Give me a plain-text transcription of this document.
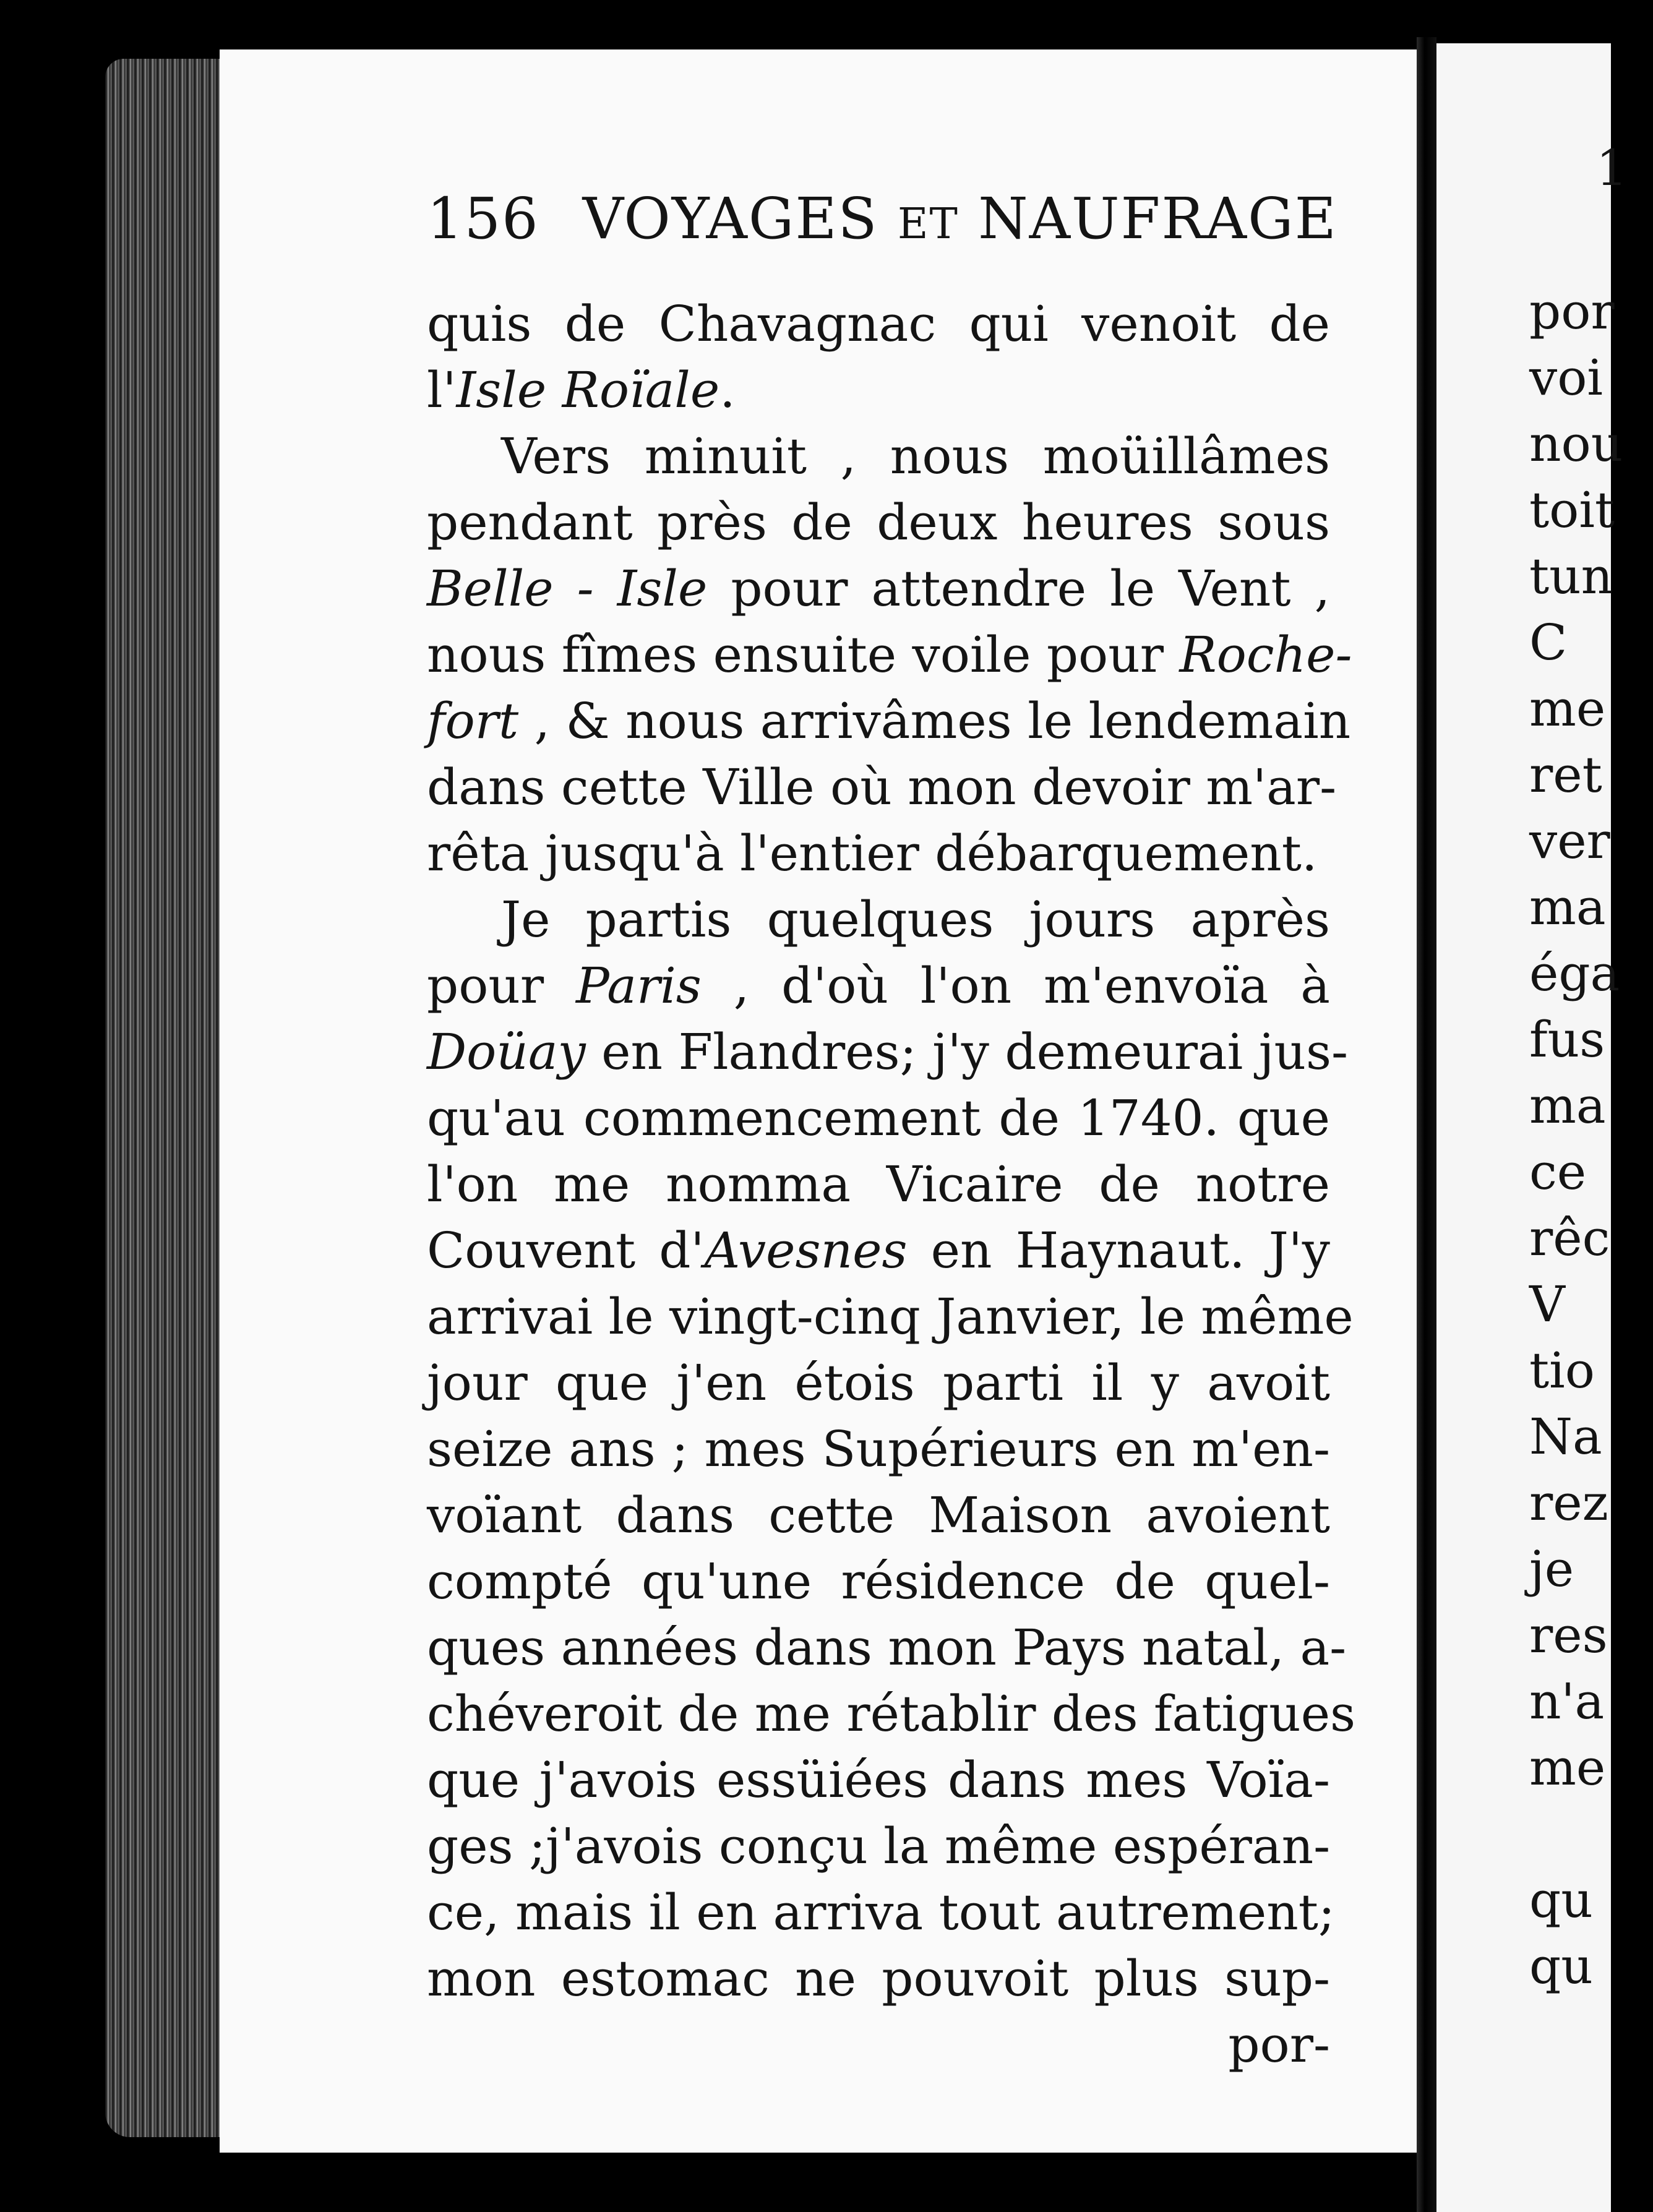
156 VOYAGES ET NAUFRAGE
quis de Chavagnac qui venoit de
l'Isle Roïale.
Vers minuit , nous moüillâmes
pendant près de deux heures sous
Belle - Isle pour attendre le Vent ,
nous fîmes ensuite voile pour Roche-
fort , & nous arrivâmes le lendemain
dans cette Ville où mon devoir m'ar-
rêta jusqu'à l'entier débarquement.
Je partis quelques jours après
pour Paris , d'où l'on m'envoïa à
Doüay en Flandres; j'y demeurai jus-
qu'au commencement de 1740. que
l'on me nomma Vicaire de notre
Couvent d'Avesnes en Haynaut. J'y
arrivai le vingt-cinq Janvier, le même
jour que j'en étois parti il y avoit
seize ans ; mes Supérieurs en m'en-
voïant dans cette Maison avoient
compté qu'une résidence de quel-
ques années dans mon Pays natal, a-
chéveroit de me rétablir des fatigues
que j'avois essüiées dans mes Voïa-
ges ;j'avois conçu la même espéran-
ce, mais il en arriva tout autrement;
mon estomac ne pouvoit plus sup-
por-
por
voi
nou
toit
tun
C
me
ret
ver
ma
éga
fus
ma
ce
rêc
V
tio
Na
rez
je
res
n'a
me
qu
qu
1
